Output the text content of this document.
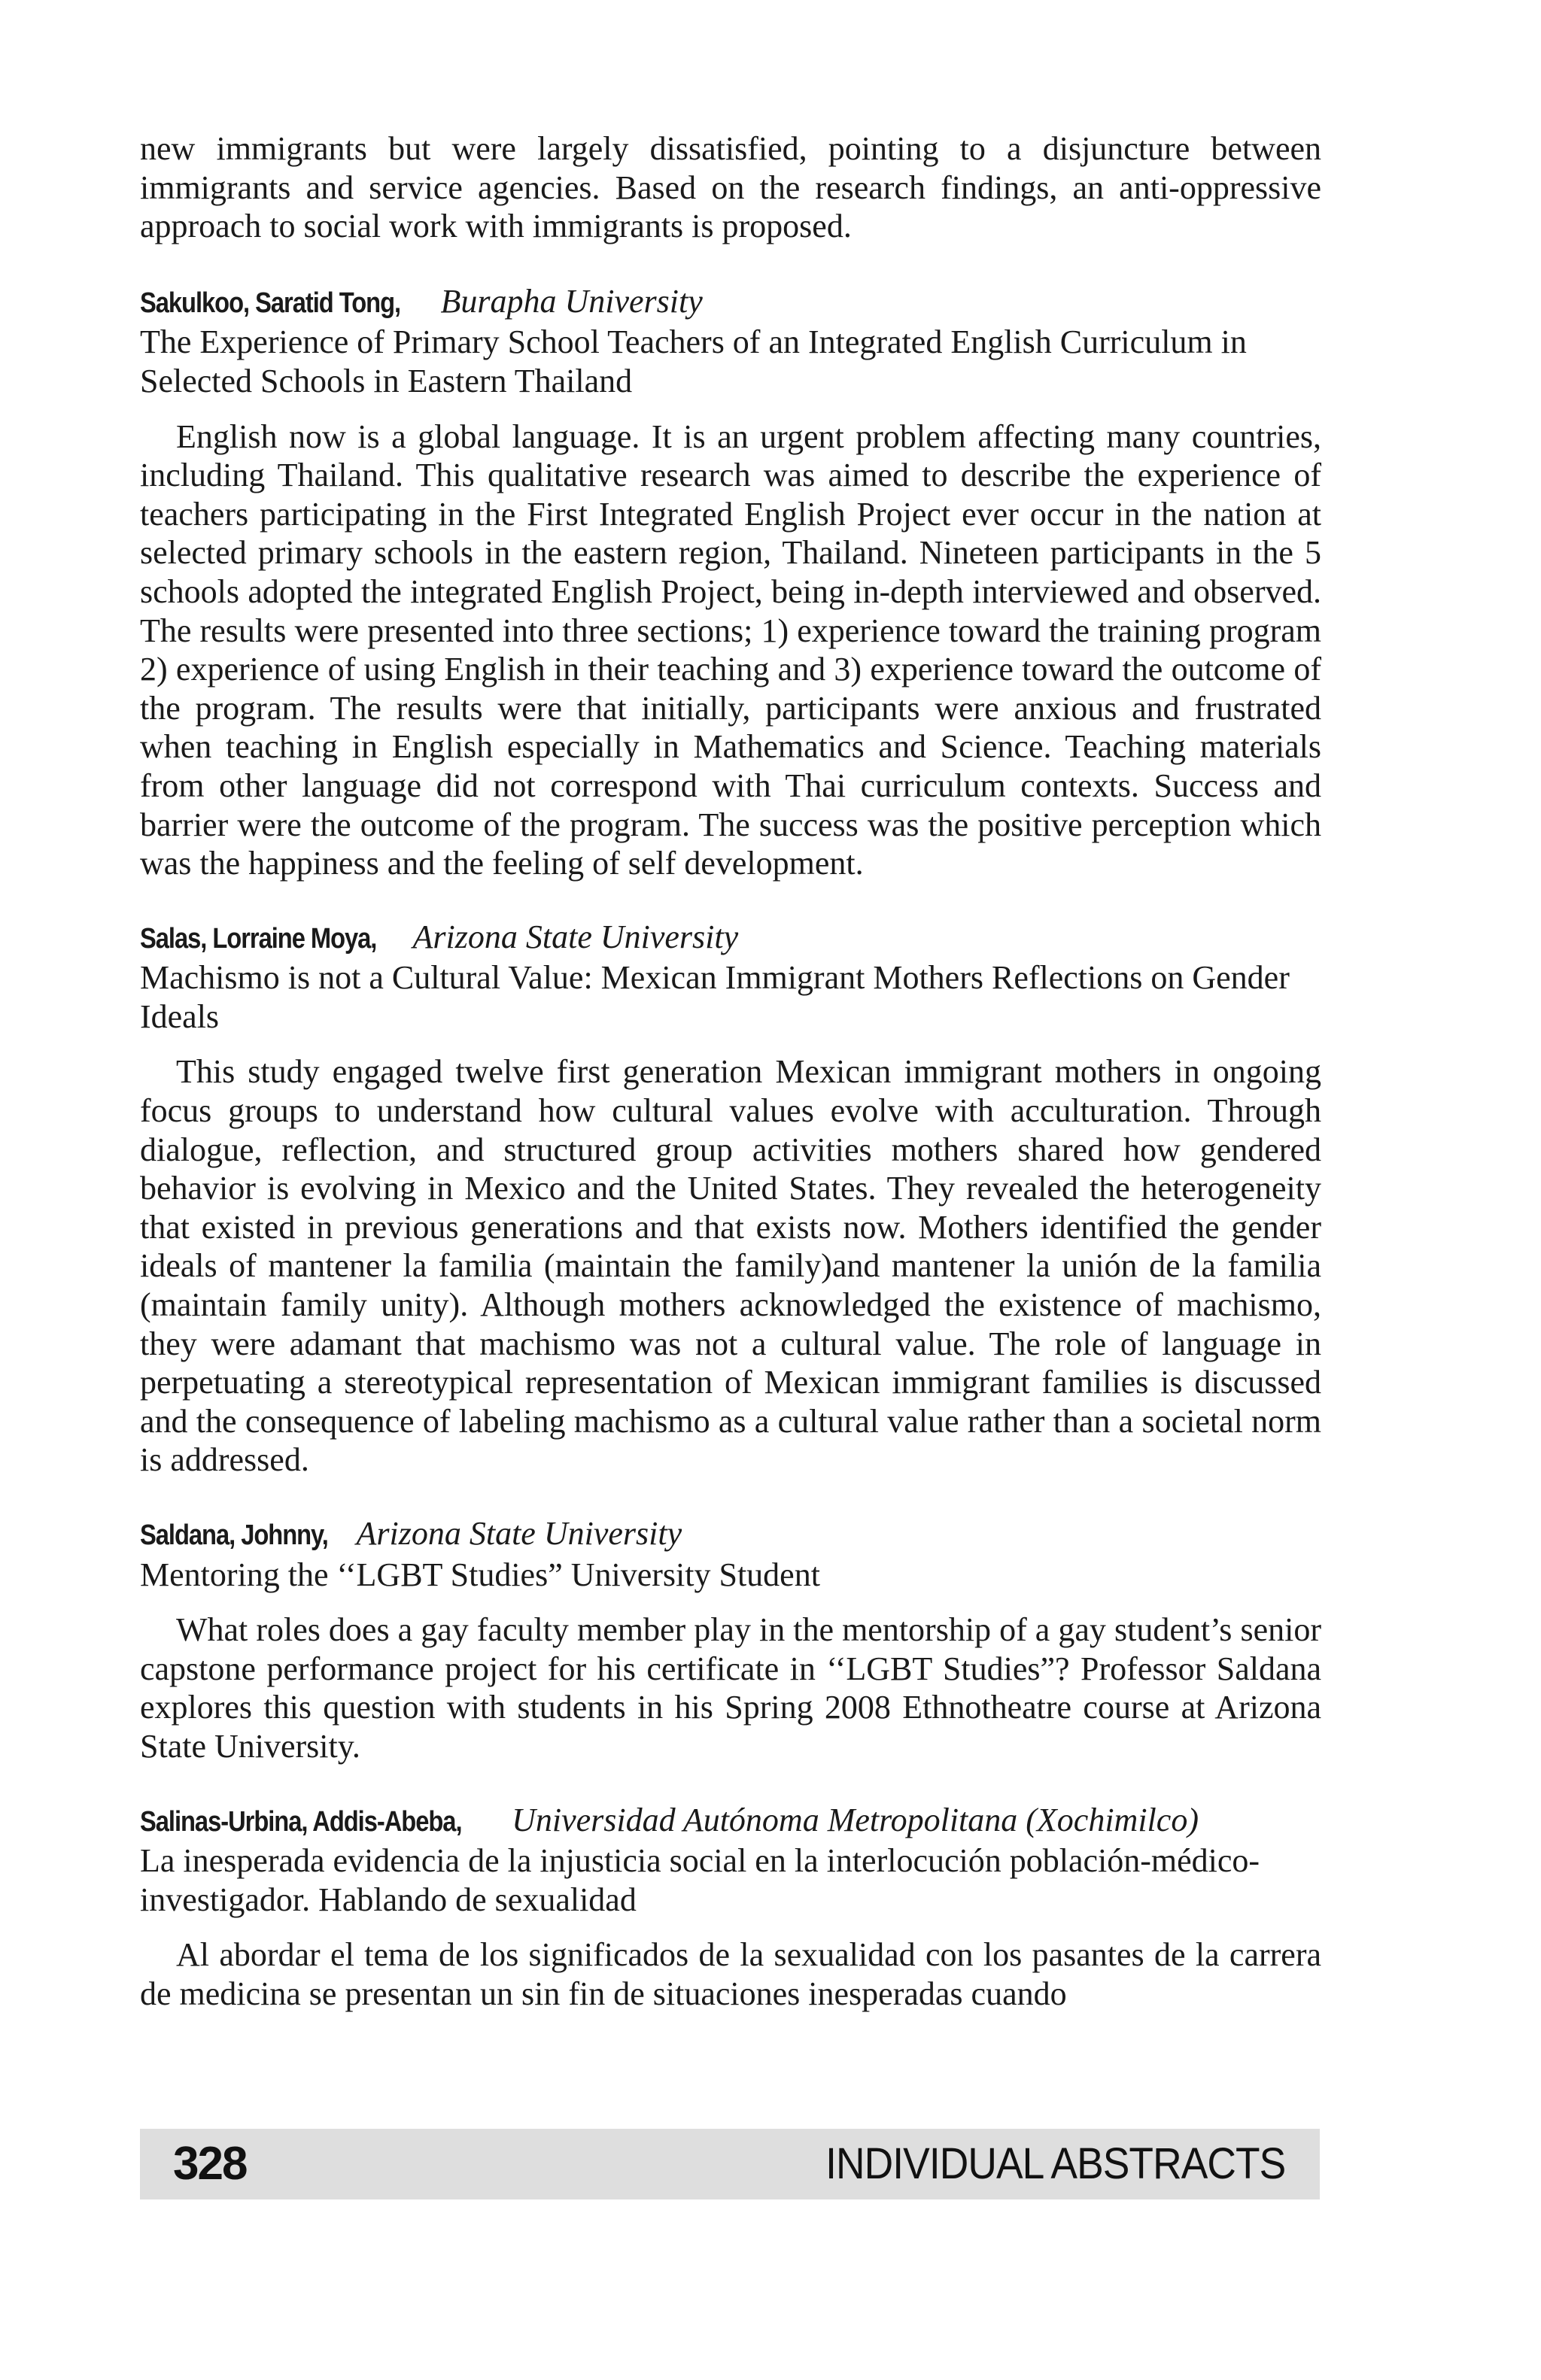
new immigrants but were largely dissatisfied, pointing to a disjuncture between immigrants and service agencies. Based on the research findings, an anti-oppressive approach to social work with immigrants is proposed.

Sakulkoo, Saratid Tong, Burapha University

The Experience of Primary School Teachers of an Integrated English Curriculum in Selected Schools in Eastern Thailand

English now is a global language. It is an urgent problem affecting many countries, including Thailand. This qualitative research was aimed to describe the experience of teachers participating in the First Integrated English Project ever occur in the nation at selected primary schools in the eastern region, Thailand. Nineteen participants in the 5 schools adopted the integrated English Project, being in-depth interviewed and observed. The results were presented into three sections; 1) experience toward the training program 2) experience of using English in their teaching and 3) experience toward the outcome of the program. The results were that initially, participants were anxious and frustrated when teaching in English especially in Mathematics and Science. Teaching materials from other language did not correspond with Thai curriculum contexts. Success and barrier were the outcome of the program. The success was the positive perception which was the happiness and the feeling of self development.

Salas, Lorraine Moya, Arizona State University

Machismo is not a Cultural Value: Mexican Immigrant Mothers Reflections on Gender Ideals

This study engaged twelve first generation Mexican immigrant mothers in ongoing focus groups to understand how cultural values evolve with acculturation. Through dialogue, reflection, and structured group activities mothers shared how gendered behavior is evolving in Mexico and the United States. They revealed the heterogeneity that existed in previous generations and that exists now. Mothers identified the gender ideals of mantener la familia (maintain the family)and mantener la unión de la familia (maintain family unity). Although mothers acknowledged the existence of machismo, they were adamant that machismo was not a cultural value. The role of language in perpetuating a stereotypical representation of Mexican immigrant families is discussed and the consequence of labeling machismo as a cultural value rather than a societal norm is addressed.

Saldana, Johnny, Arizona State University

Mentoring the ‘‘LGBT Studies” University Student

What roles does a gay faculty member play in the mentorship of a gay student’s senior capstone performance project for his certificate in ‘‘LGBT Studies”? Professor Saldana explores this question with students in his Spring 2008 Ethnotheatre course at Arizona State University.

Salinas-Urbina, Addis-Abeba, Universidad Autónoma Metropolitana (Xochimilco)

La inesperada evidencia de la injusticia social en la interlocución población-médico-investigador. Hablando de sexualidad

Al abordar el tema de los significados de la sexualidad con los pasantes de la carrera de medicina se presentan un sin fin de situaciones inesperadas cuando

328	INDIVIDUAL ABSTRACTS
